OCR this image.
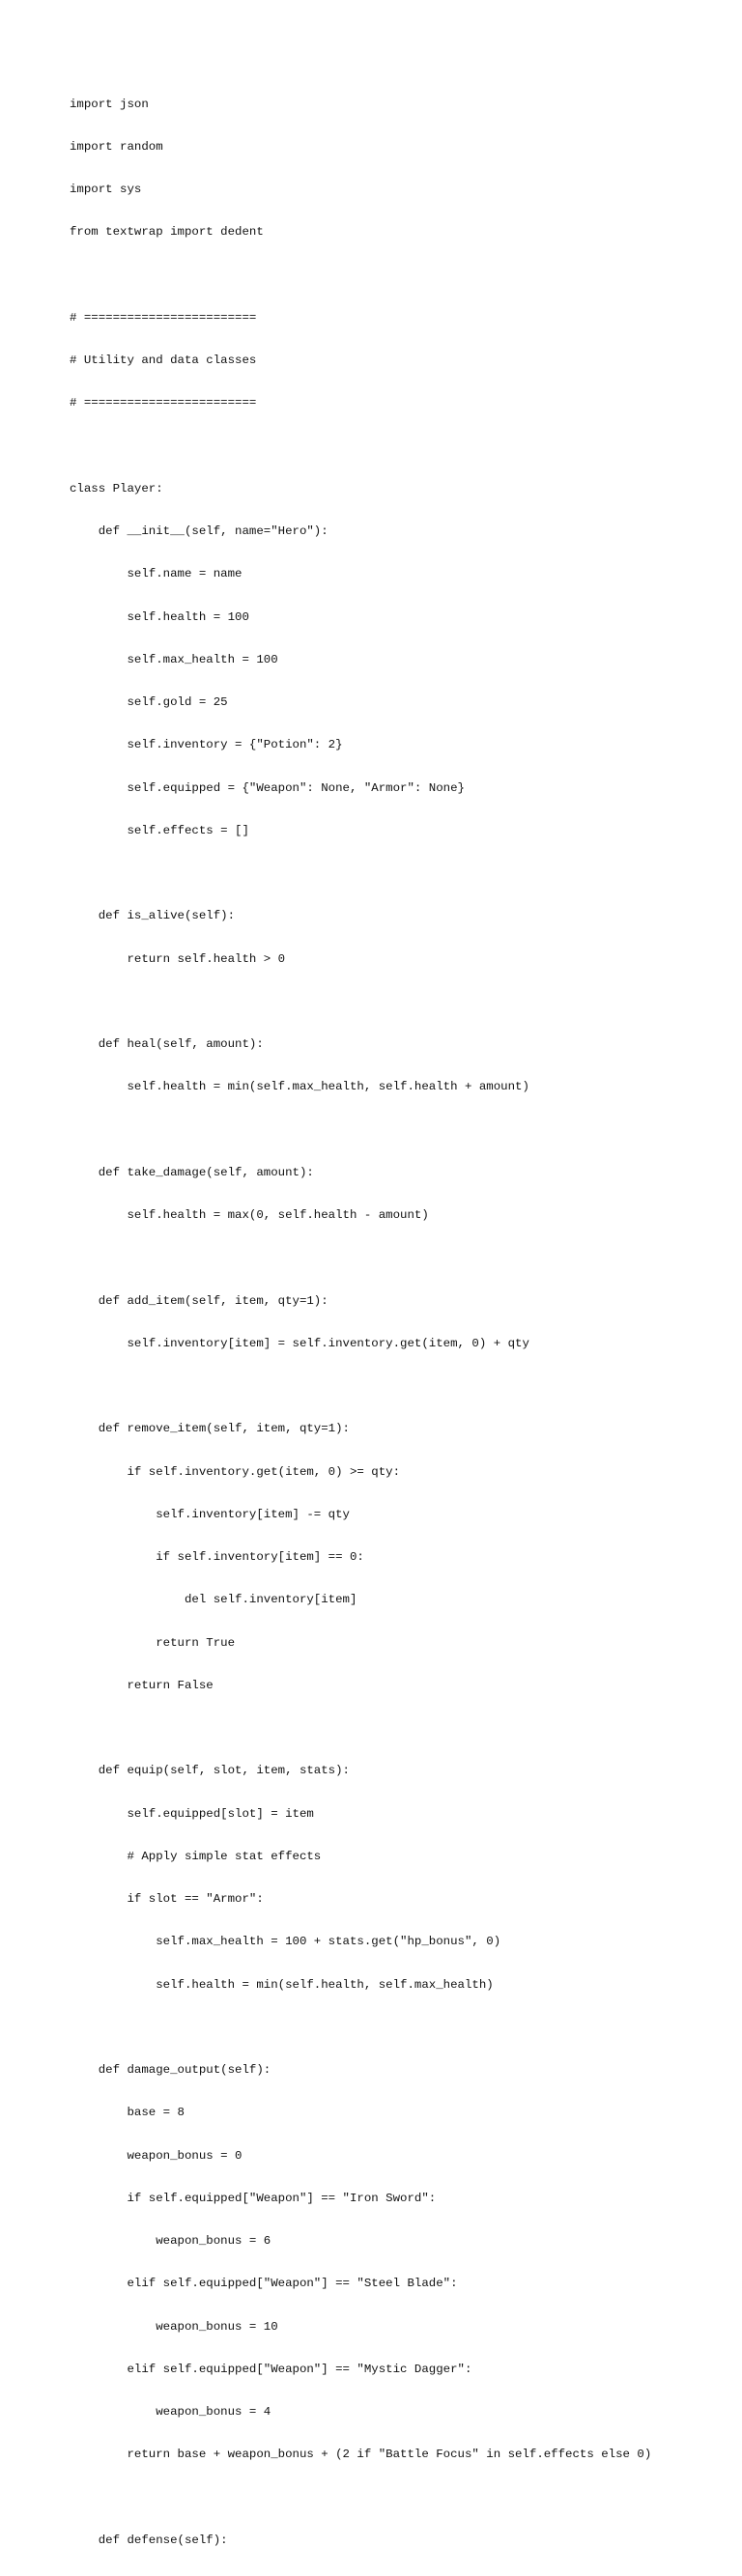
import json

import random

import sys

from textwrap import dedent

# ========================

# Utility and data classes

# ========================

class Player:

def __init__(self, name="Hero"):

self.name = name

self.health = 100

self.max_health = 100

self.gold = 25

self.inventory = {"Potion": 2}

self.equipped = {"Weapon": None, "Armor": None}

self.effects = []

def is_alive(self):

return self.health > 0

def heal(self, amount):

self.health = min(self.max_health, self.health + amount)

def take_damage(self, amount):

self.health = max(0, self.health - amount)

def add_item(self, item, qty=1):

self.inventory[item] = self.inventory.get(item, 0) + qty

def remove_item(self, item, qty=1):

if self.inventory.get(item, 0) >= qty:

self.inventory[item] -= qty

if self.inventory[item] == 0:

del self.inventory[item]

return True

return False

def equip(self, slot, item, stats):

self.equipped[slot] = item

# Apply simple stat effects

if slot == "Armor":

self.max_health = 100 + stats.get("hp_bonus", 0)

self.health = min(self.health, self.max_health)

def damage_output(self):

base = 8

weapon_bonus = 0

if self.equipped["Weapon"] == "Iron Sword":

weapon_bonus = 6

elif self.equipped["Weapon"] == "Steel Blade":

weapon_bonus = 10

elif self.equipped["Weapon"] == "Mystic Dagger":

weapon_bonus = 4

return base + weapon_bonus + (2 if "Battle Focus" in self.effects else 0)

def defense(self):
